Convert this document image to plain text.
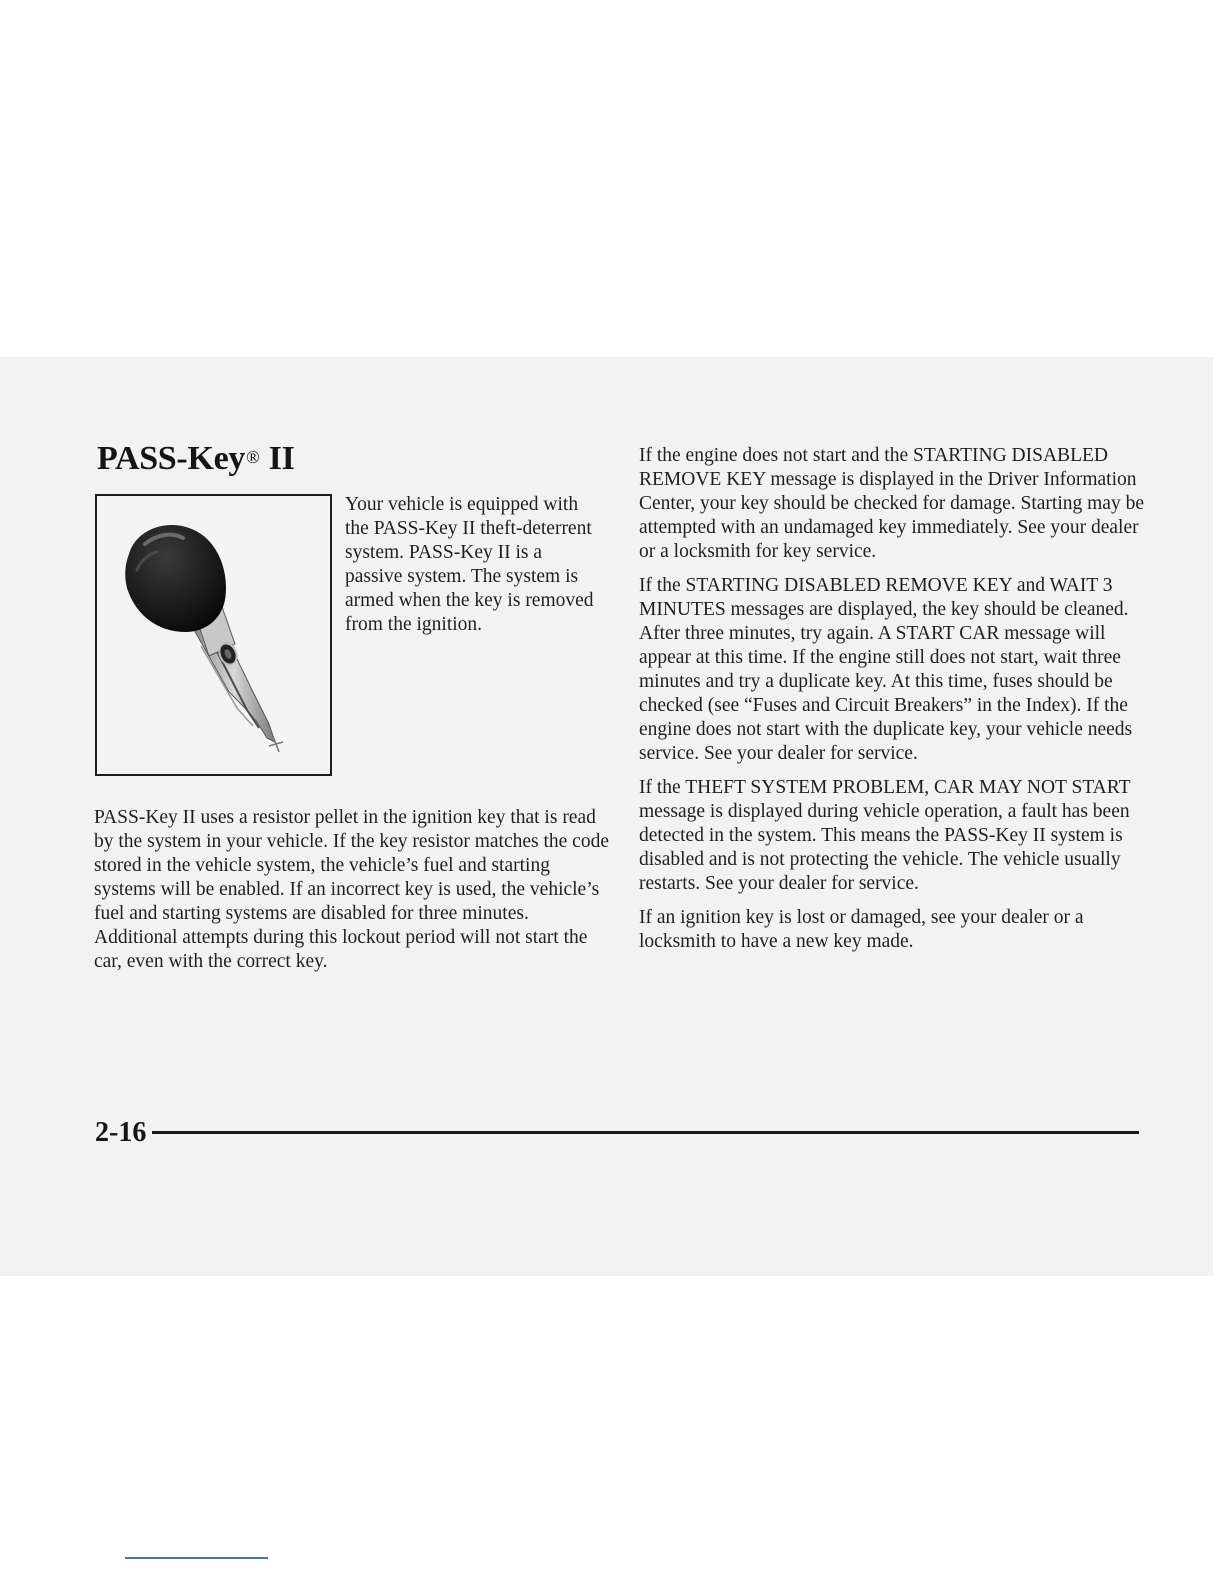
PASS-Key® II

Your vehicle is equipped with the PASS-Key II theft-deterrent system. PASS-Key II is a passive system. The system is armed when the key is removed from the ignition.

PASS-Key II uses a resistor pellet in the ignition key that is read by the system in your vehicle. If the key resistor matches the code stored in the vehicle system, the vehicle’s fuel and starting systems will be enabled. If an incorrect key is used, the vehicle’s fuel and starting systems are disabled for three minutes. Additional attempts during this lockout period will not start the car, even with the correct key.

If the engine does not start and the STARTING DISABLED REMOVE KEY message is displayed in the Driver Information Center, your key should be checked for damage. Starting may be attempted with an undamaged key immediately. See your dealer or a locksmith for key service.

If the STARTING DISABLED REMOVE KEY and WAIT 3 MINUTES messages are displayed, the key should be cleaned. After three minutes, try again. A START CAR message will appear at this time. If the engine still does not start, wait three minutes and try a duplicate key. At this time, fuses should be checked (see “Fuses and Circuit Breakers” in the Index). If the engine does not start with the duplicate key, your vehicle needs service. See your dealer for service.

If the THEFT SYSTEM PROBLEM, CAR MAY NOT START message is displayed during vehicle operation, a fault has been detected in the system. This means the PASS-Key II system is disabled and is not protecting the vehicle. The vehicle usually restarts. See your dealer for service.

If an ignition key is lost or damaged, see your dealer or a locksmith to have a new key made.

2-16
